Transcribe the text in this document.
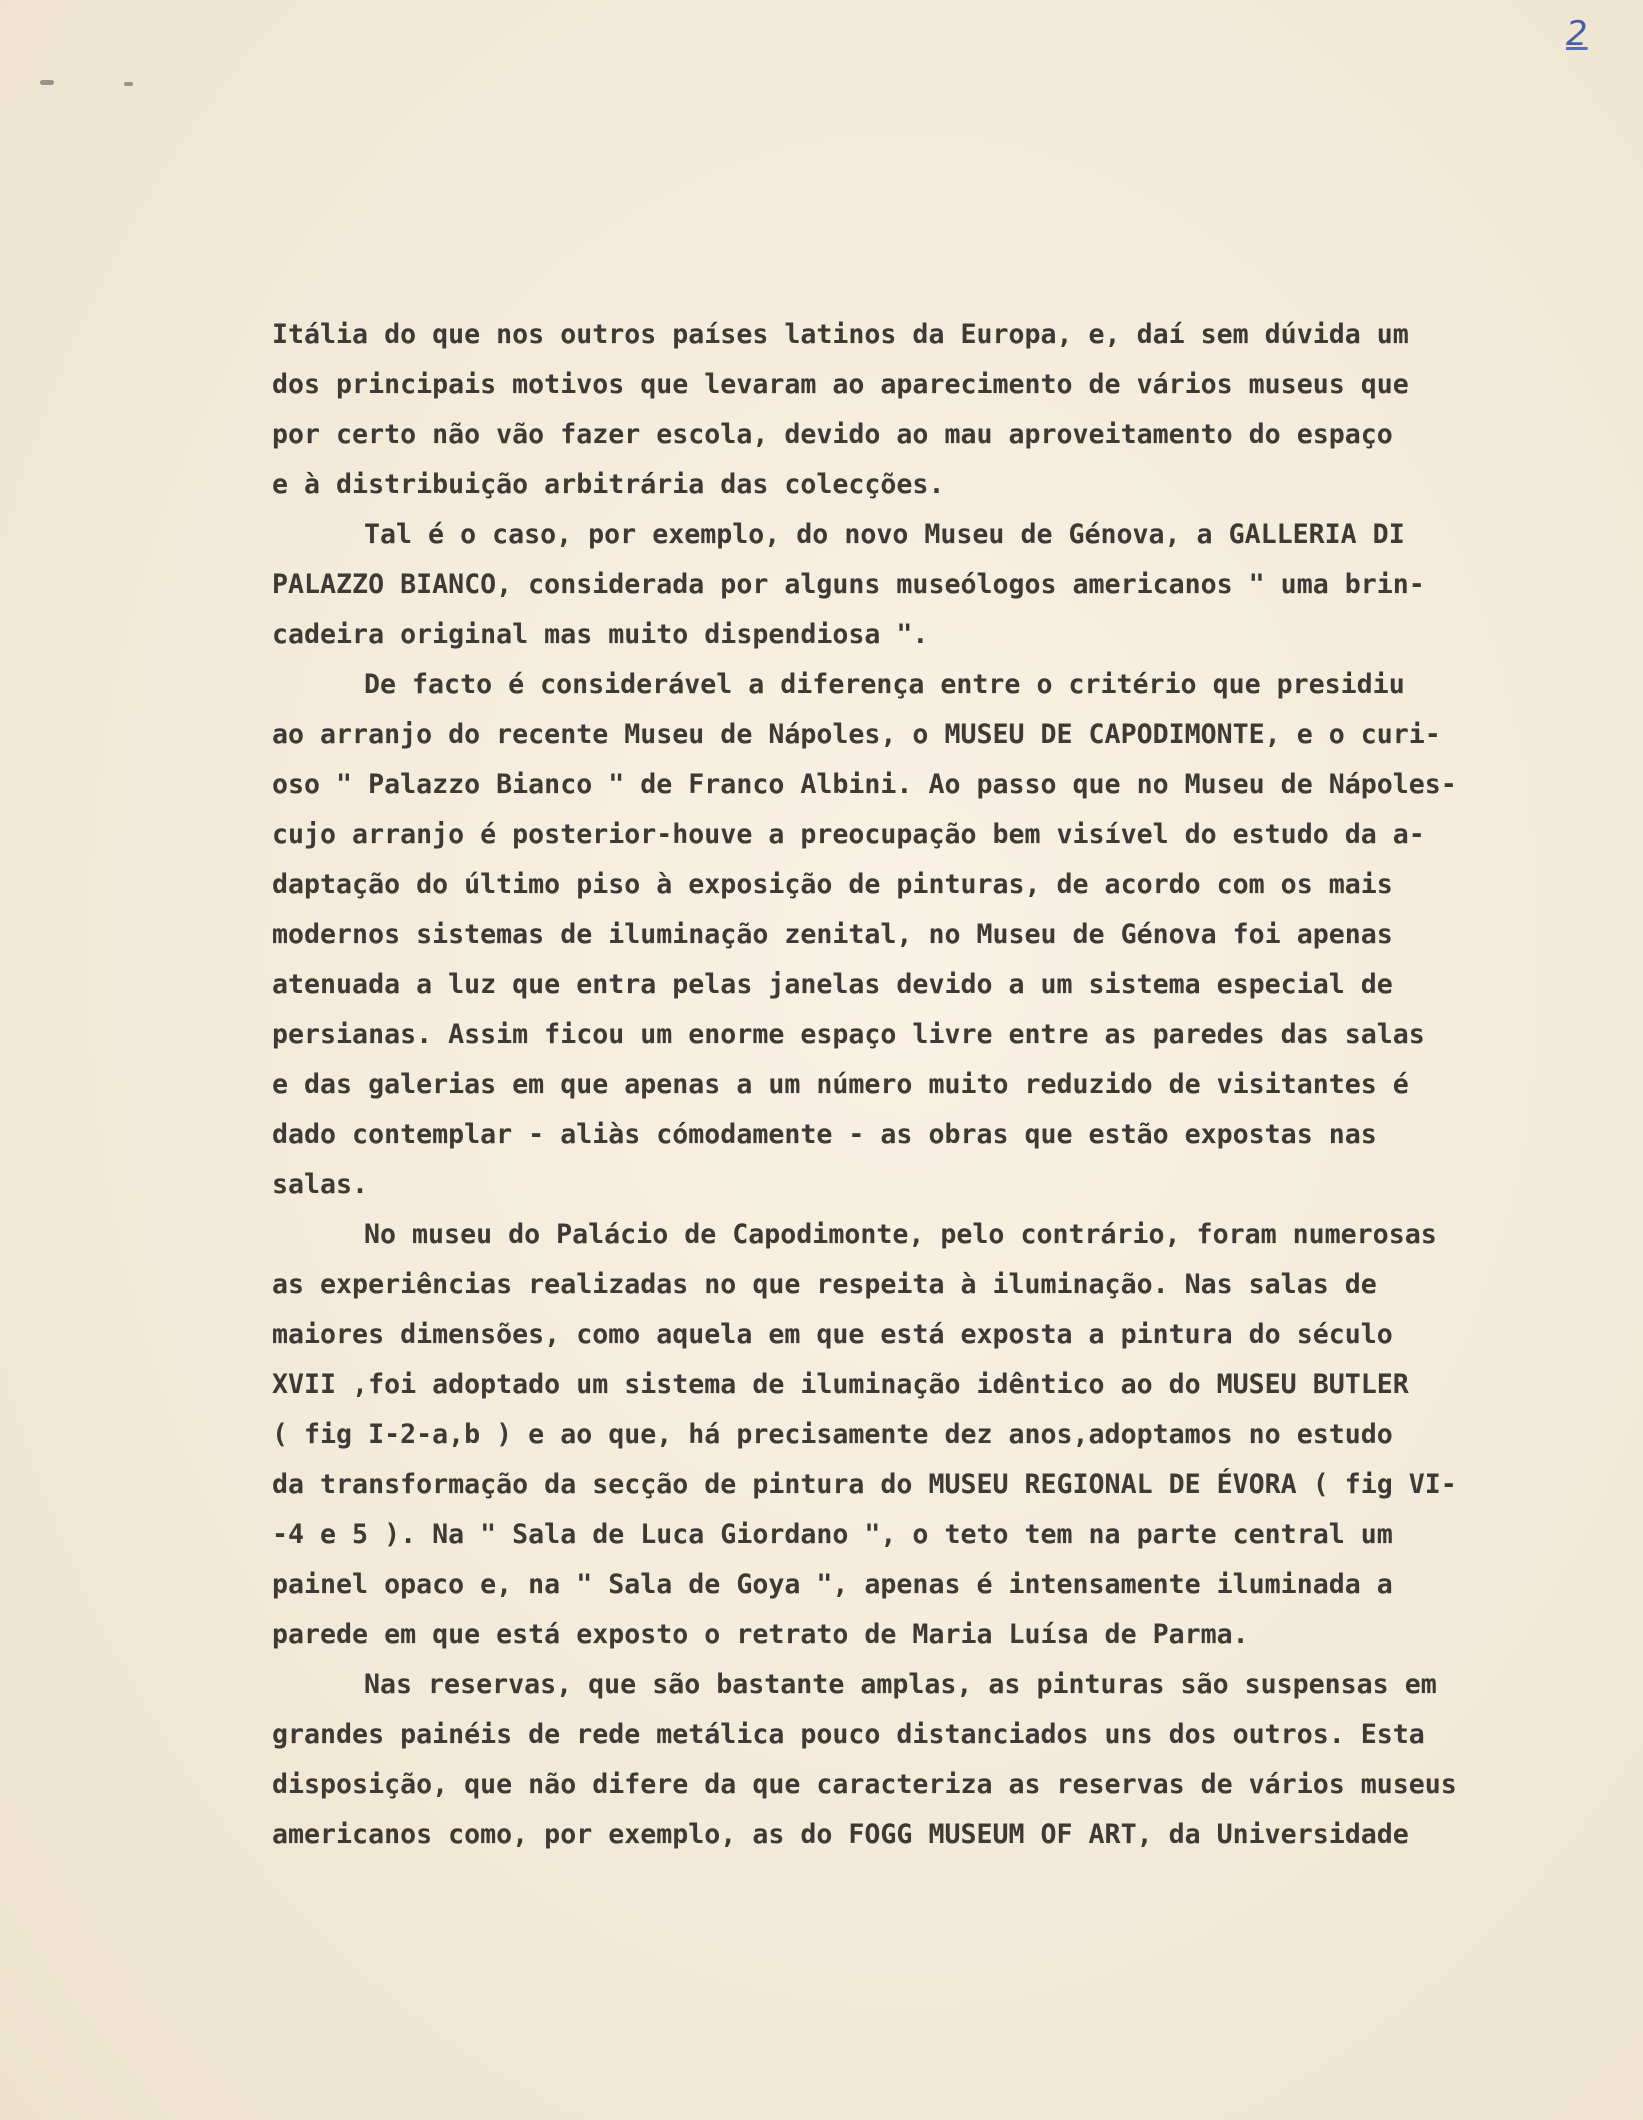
2
Itália do que nos outros países latinos da Europa, e, daí sem dúvida um
dos principais motivos que levaram ao aparecimento de vários museus que
por certo não vão fazer escola, devido ao mau aproveitamento do espaço
e à distribuição arbitrária das colecções.
Tal é o caso, por exemplo, do novo Museu de Génova, a GALLERIA DI
PALAZZO BIANCO, considerada por alguns museólogos americanos " uma brin-
cadeira original mas muito dispendiosa ".
De facto é considerável a diferença entre o critério que presidiu
ao arranjo do recente Museu de Nápoles, o MUSEU DE CAPODIMONTE, e o curi-
oso " Palazzo Bianco " de Franco Albini. Ao passo que no Museu de Nápoles-
cujo arranjo é posterior-houve a preocupação bem visível do estudo da a-
daptação do último piso à exposição de pinturas, de acordo com os mais
modernos sistemas de iluminação zenital, no Museu de Génova foi apenas
atenuada a luz que entra pelas janelas devido a um sistema especial de
persianas. Assim ficou um enorme espaço livre entre as paredes das salas
e das galerias em que apenas a um número muito reduzido de visitantes é
dado contemplar - aliàs cómodamente - as obras que estão expostas nas
salas.
No museu do Palácio de Capodimonte, pelo contrário, foram numerosas
as experiências realizadas no que respeita à iluminação. Nas salas de
maiores dimensões, como aquela em que está exposta a pintura do século
XVII ,foi adoptado um sistema de iluminação idêntico ao do MUSEU BUTLER
( fig I-2-a,b ) e ao que, há precisamente dez anos,adoptamos no estudo
da transformação da secção de pintura do MUSEU REGIONAL DE ÉVORA ( fig VI-
-4 e 5 ). Na " Sala de Luca Giordano ", o teto tem na parte central um
painel opaco e, na " Sala de Goya ", apenas é intensamente iluminada a
parede em que está exposto o retrato de Maria Luísa de Parma.
Nas reservas, que são bastante amplas, as pinturas são suspensas em
grandes painéis de rede metálica pouco distanciados uns dos outros. Esta
disposição, que não difere da que caracteriza as reservas de vários museus
americanos como, por exemplo, as do FOGG MUSEUM OF ART, da Universidade
